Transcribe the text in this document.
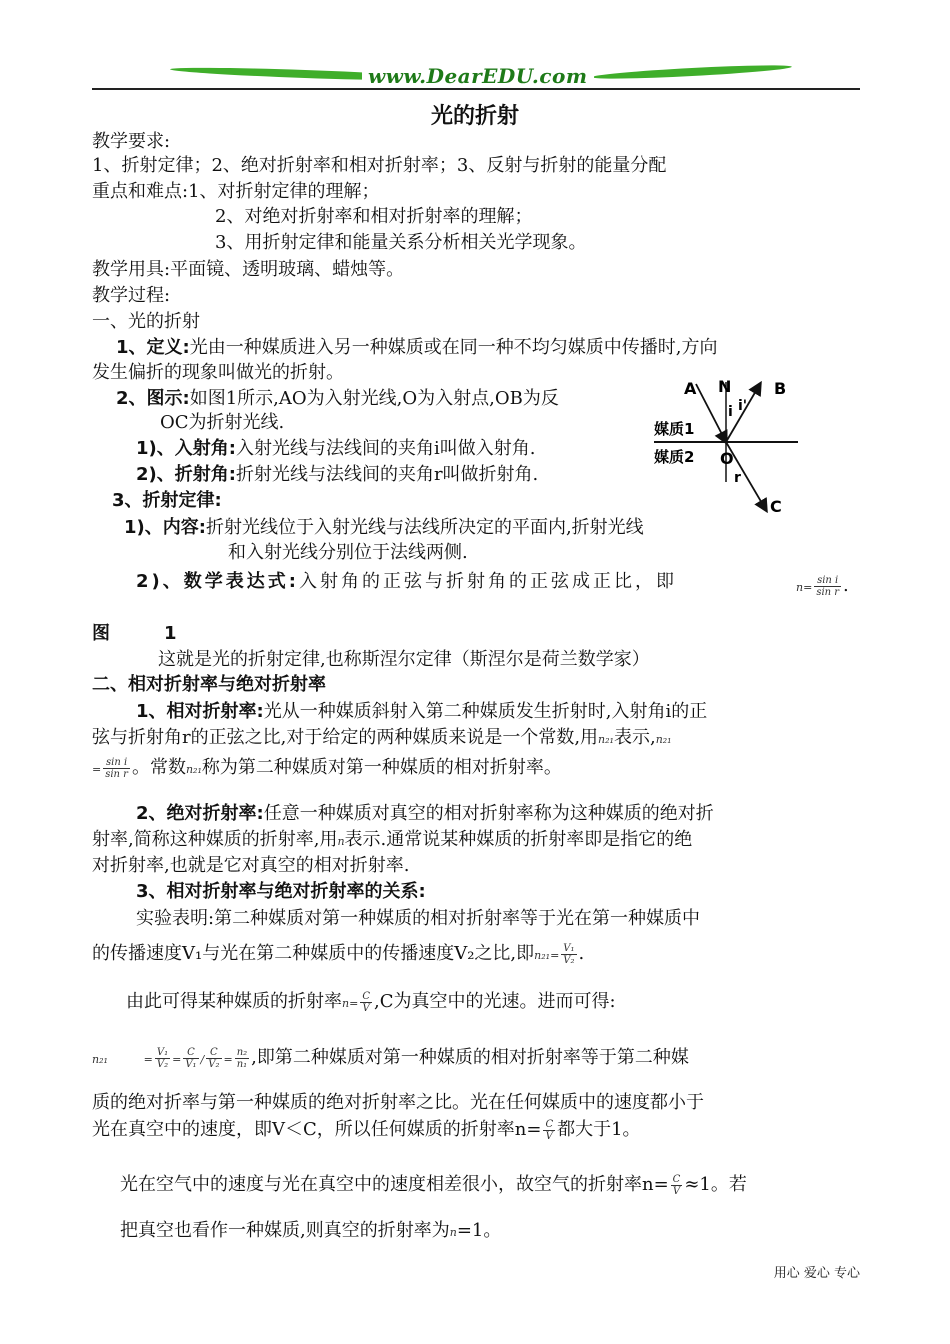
www.DearEDU.com
光的折射
教学要求:
1、折射定律；2、绝对折射率和相对折射率；3、反射与折射的能量分配
重点和难点:1、对折射定律的理解；
2、对绝对折射率和相对折射率的理解；
3、用折射定律和能量关系分析相关光学现象。
教学用具:平面镜、透明玻璃、蜡烛等。
教学过程:
一、光的折射
1、定义:光由一种媒质进入另一种媒质或在同一种不均匀媒质中传播时,方向
发生偏折的现象叫做光的折射。
2、图示:如图1所示,AO为入射光线,O为入射点,OB为反
OC为折射光线.
1)、入射角:入射光线与法线间的夹角i叫做入射角.
2)、折射角:折射光线与法线间的夹角r叫做折射角.
3、折射定律:
1)、内容:折射光线位于入射光线与法线所决定的平面内,折射光线
和入射光线分别位于法线两侧.
2)、数学表达式:入射角的正弦与折射角的正弦成正比，即	$n= \frac{\text{sin i}}{\text{sin r}}$ .
图　　　1
这就是光的折射定律,也称斯涅尔定律（斯涅尔是荷兰数学家）
二、相对折射率与绝对折射率
1、相对折射率:光从一种媒质斜射入第二种媒质发生折射时,入射角i的正
弦与折射角r的正弦之比,对于给定的两种媒质来说是一个常数,用n₂₁表示,n₂₁
= $\frac{\text{sin i}}{\text{sin r}}$ 。常数n₂₁称为第二种媒质对第一种媒质的相对折射率。
2、绝对折射率:任意一种媒质对真空的相对折射率称为这种媒质的绝对折
射率,简称这种媒质的折射率,用n表示.通常说某种媒质的折射率即是指它的绝
对折射率,也就是它对真空的相对折射率.
3、相对折射率与绝对折射率的关系:
实验表明:第二种媒质对第一种媒质的相对折射率等于光在第一种媒质中
的传播速度V₁与光在第二种媒质中的传播速度V₂之比,即$n_{21}= \frac{\text{V₁}}{\text{V₂}}$ .
由此可得某种媒质的折射率$n= \frac{C}{V} ,C$为真空中的光速。进而可得:
n₂₁	= $\frac{\text{V₁}}{\text{V₂}} = \frac{C}{\text{V₁}} / \frac{C}{\text{V₂}} = \frac{\text{n₂}}{\text{n₁}}$ ,即第二种媒质对第一种媒质的相对折射率等于第二种媒
质的绝对折率与第一种媒质的绝对折射率之比。光在任何媒质中的速度都小于
光在真空中的速度，即V＜C，所以任何媒质的折射率$n= \frac{C}{V}$ 都大于1。
光在空气中的速度与光在真空中的速度相差很小，故空气的折射率$n= \frac{C}{V} \approx 1$。若
把真空也看作一种媒质,则真空的折射率为n=1。
A N	B
i i'
媒质1
媒质2 O
r
C
用心 爱心 专心
